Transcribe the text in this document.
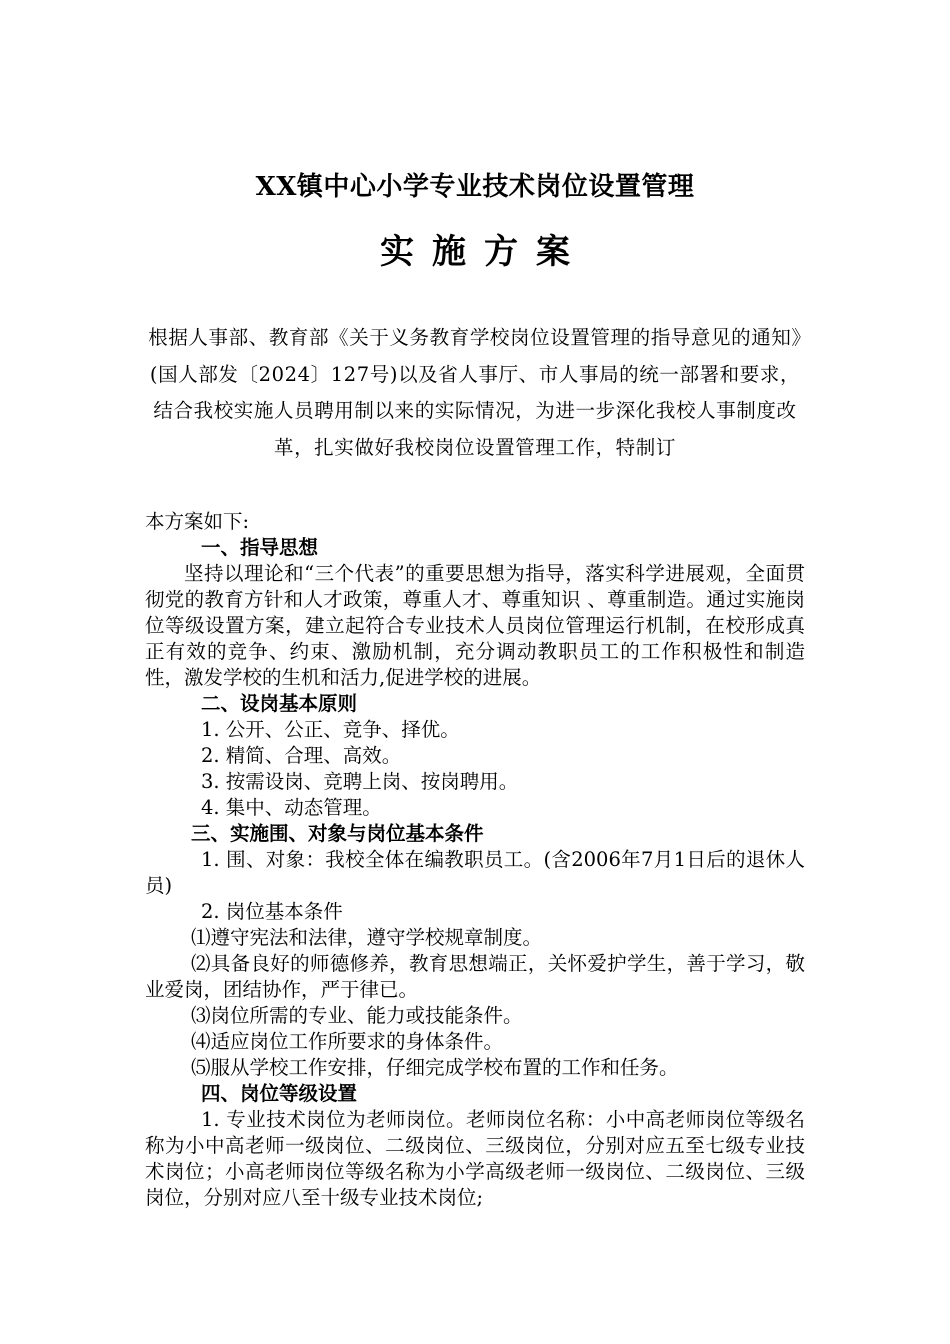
XX镇中心小学专业技术岗位设置管理
实施方案

根据人事部、教育部《关于义务教育学校岗位设置管理的指导意见的通知》(国人部发〔2024〕127号)以及省人事厅、市人事局的统一部署和要求，结合我校实施人员聘用制以来的实际情况，为进一步深化我校人事制度改革，扎实做好我校岗位设置管理工作，特制订

本方案如下:

一、指导思想

坚持以理论和“三个代表”的重要思想为指导，落实科学进展观，全面贯彻党的教育方针和人才政策，尊重人才、尊重知识 、尊重制造。通过实施岗位等级设置方案，建立起符合专业技术人员岗位管理运行机制，在校形成真正有效的竞争、约束、激励机制，充分调动教职员工的工作积极性和制造性，激发学校的生机和活力,促进学校的进展。

二、设岗基本原则

1. 公开、公正、竞争、择优。

2. 精简、合理、高效。

3. 按需设岗、竞聘上岗、按岗聘用。

4. 集中、动态管理。

三、实施围、对象与岗位基本条件

1. 围、对象：我校全体在编教职员工。(含2006年7月1日后的退休人员)

2. 岗位基本条件

⑴遵守宪法和法律，遵守学校规章制度。

⑵具备良好的师德修养，教育思想端正，关怀爱护学生，善于学习，敬业爱岗，团结协作，严于律已。

⑶岗位所需的专业、能力或技能条件。

⑷适应岗位工作所要求的身体条件。

⑸服从学校工作安排，仔细完成学校布置的工作和任务。

四、岗位等级设置

1. 专业技术岗位为老师岗位。老师岗位名称：小中高老师岗位等级名称为小中高老师一级岗位、二级岗位、三级岗位，分别对应五至七级专业技术岗位；小高老师岗位等级名称为小学高级老师一级岗位、二级岗位、三级岗位，分别对应八至十级专业技术岗位;
